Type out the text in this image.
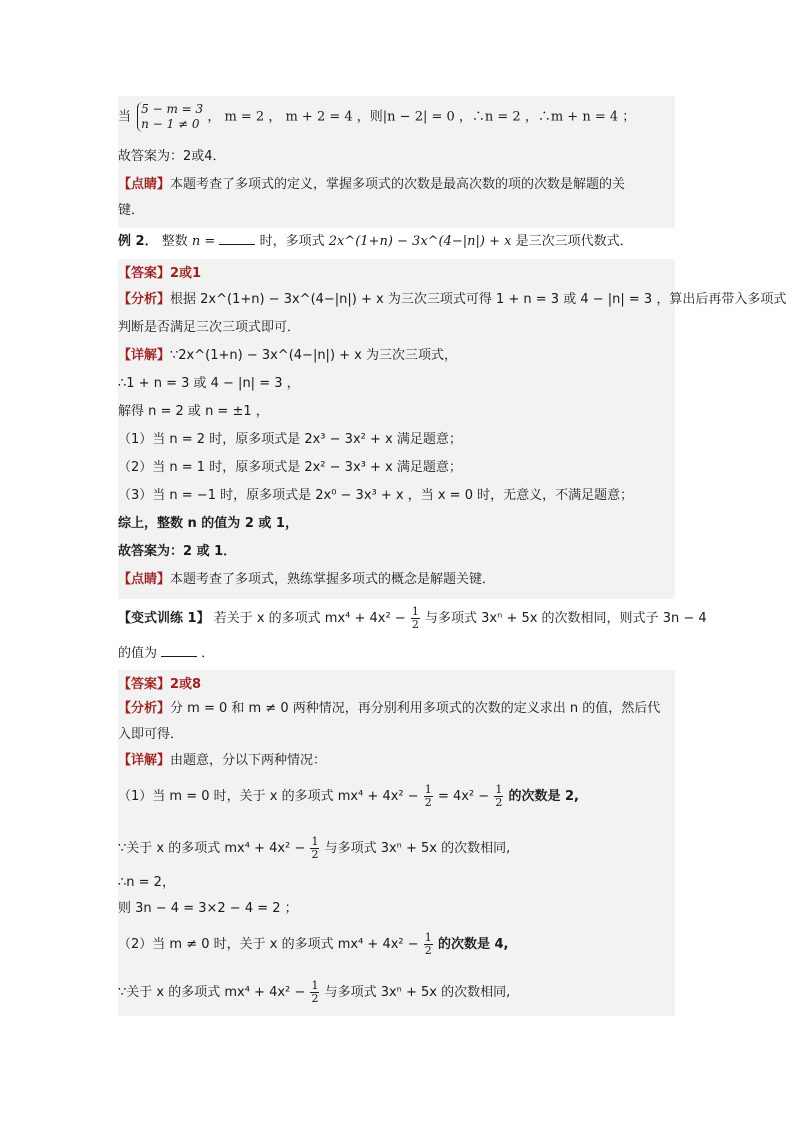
当
5 − m = 3
n − 1 ≠ 0 ， m = 2 ， m + 2 = 4 ，则|n − 2| = 0 ，∴n = 2 ，∴m + n = 4 ；
故答案为：2或4．
【点睛】本题考查了多项式的定义，掌握多项式的次数是最高次数的项的次数是解题的关
键．
例 2． 整数 n =	时，多项式 2x^(1+n) − 3x^(4−|n|) + x 是三次三项代数式．
【答案】2或1
【分析】根据 2x^(1+n) − 3x^(4−|n|) + x 为三次三项式可得 1 + n = 3 或 4 − |n| = 3 ，算出后再带入多项式
判断是否满足三次三项式即可．
【详解】∵2x^(1+n) − 3x^(4−|n|) + x 为三次三项式，
∴1 + n = 3 或 4 − |n| = 3 ，
解得 n = 2 或 n = ±1 ，
（1）当 n = 2 时，原多项式是 2x³ − 3x² + x 满足题意；
（2）当 n = 1 时，原多项式是 2x² − 3x³ + x 满足题意；
（3）当 n = −1 时，原多项式是 2x⁰ − 3x³ + x ，当 x = 0 时，无意义，不满足题意；
综上，整数 n 的值为 2 或 1，
故答案为：2 或 1．
【点睛】本题考查了多项式，熟练掌握多项式的概念是解题关键．
【变式训练 1】 若关于 x 的多项式 $mx^4 + 4x^2 - \frac{1}{2}$ 与多项式 3xⁿ + 5x 的次数相同，则式子 3n − 4
的值为	．
【答案】2或8
【分析】分 m = 0 和 m ≠ 0 两种情况，再分别利用多项式的次数的定义求出 n 的值，然后代
入即可得．
【详解】由题意，分以下两种情况：
（1）当 m = 0 时，关于 x 的多项式 $mx^4 + 4x^2 - \frac{1}{2} = 4x^2 - \frac{1}{2}$ 的次数是 2,
∵关于 x 的多项式 $mx^4 + 4x^2 - \frac{1}{2}$ 与多项式 3xⁿ + 5x 的次数相同,
∴n = 2，
则 3n − 4 = 3×2 − 4 = 2 ；
（2）当 m ≠ 0 时，关于 x 的多项式 $mx^4 + 4x^2 - \frac{1}{2}$ 的次数是 4,
∵关于 x 的多项式 $mx^4 + 4x^2 - \frac{1}{2}$ 与多项式 3xⁿ + 5x 的次数相同,
